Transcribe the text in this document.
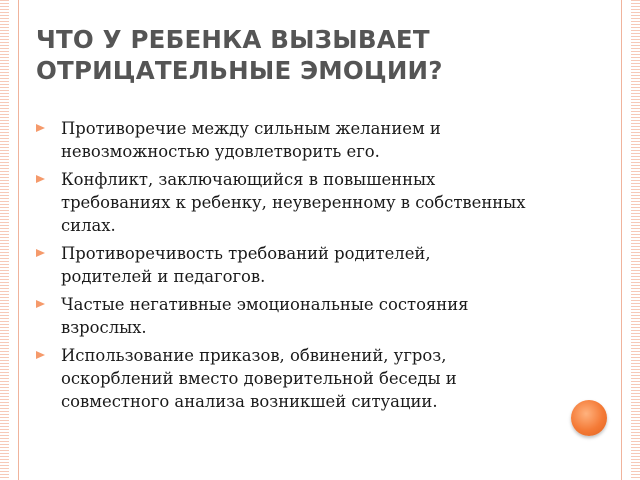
ЧТО У РЕБЕНКА ВЫЗЫВАЕТ
ОТРИЦАТЕЛЬНЫЕ ЭМОЦИИ?
Противоречие между сильным желанием и
невозможностью удовлетворить его.
Конфликт, заключающийся в повышенных
требованиях к ребенку, неуверенному в собственных
силах.
Противоречивость требований родителей,
родителей и педагогов.
Частые негативные эмоциональные состояния
взрослых.
Использование приказов, обвинений, угроз,
оскорблений вместо доверительной беседы и
совместного анализа возникшей ситуации.
